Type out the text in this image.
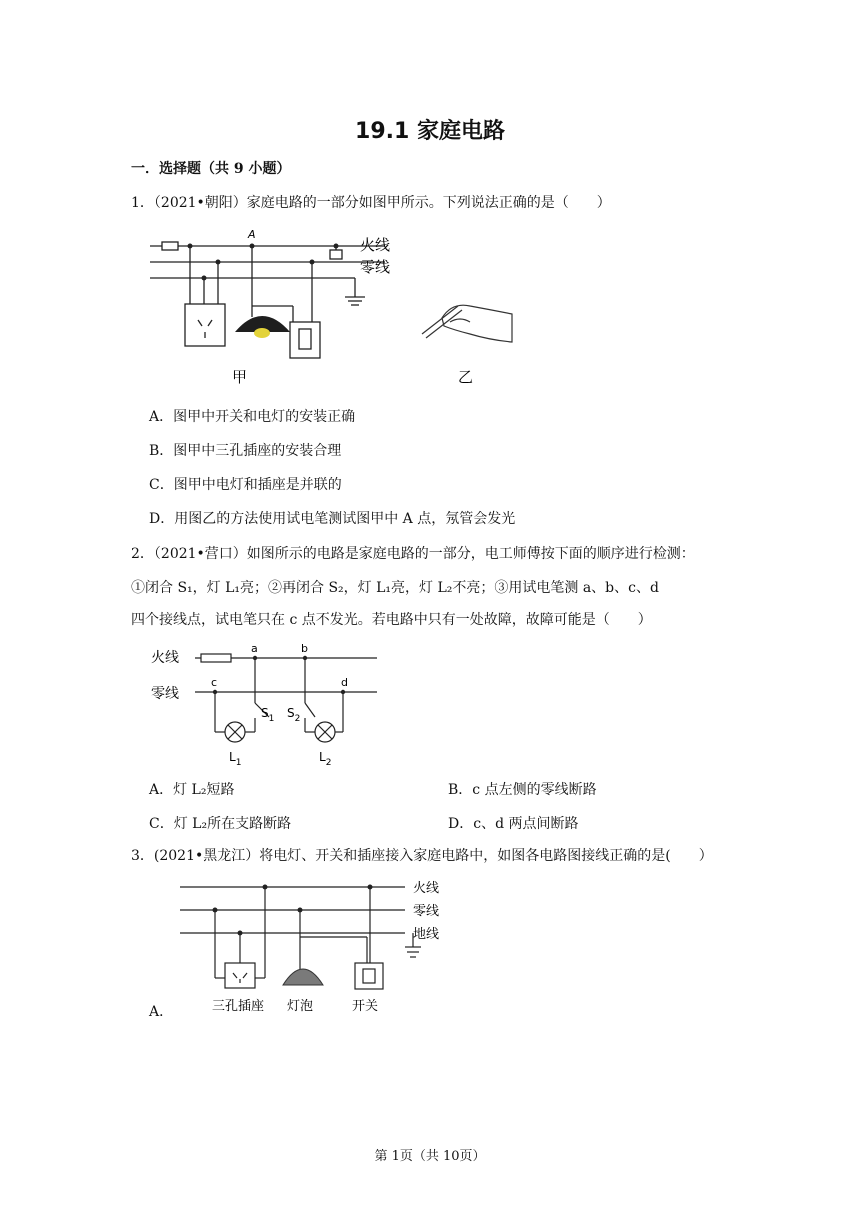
19.1 家庭电路
一．选择题（共 9 小题）
1．（2021•朝阳）家庭电路的一部分如图甲所示。下列说法正确的是（　　）
A
火线
零线
甲	乙
A．图甲中开关和电灯的安装正确
B．图甲中三孔插座的安装合理
C．图甲中电灯和插座是并联的
D．用图乙的方法使用试电笔测试图甲中 A 点，氖管会发光
2．（2021•营口）如图所示的电路是家庭电路的一部分，电工师傅按下面的顺序进行检测：
①闭合 S₁，灯 L₁亮；②再闭合 S₂，灯 L₁亮，灯 L₂不亮；③用试电笔测 a、b、c、d
四个接线点，试电笔只在 c 点不发光。若电路中只有一处故障，故障可能是（　　）
火线
零线
a	b
c	d
$S_1$ $S_2$
$L_1$	$L_2$
A．灯 L₂短路	B．c 点左侧的零线断路
C．灯 L₂所在支路断路	D．c、d 两点间断路
3．(2021•黑龙江）将电灯、开关和插座接入家庭电路中，如图各电路图接线正确的是(　　）
火线
零线
地线
三孔插座 灯泡	开关
A．
第 1页（共 10页）
